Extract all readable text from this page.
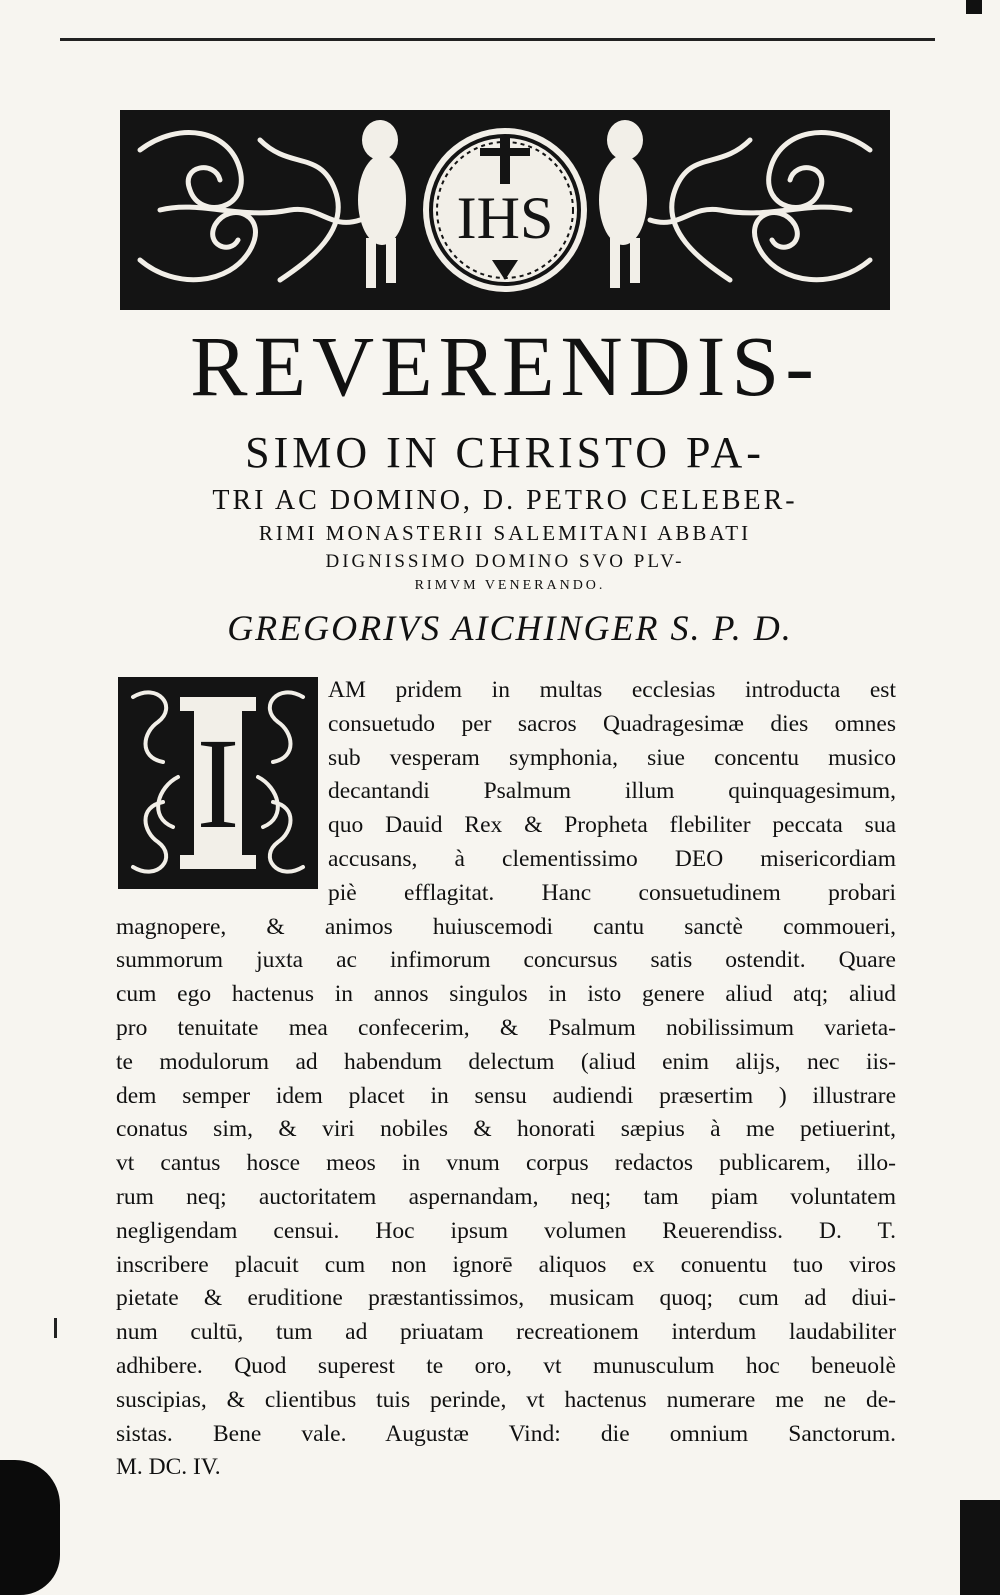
IHS
REVERENDIS-
SIMO IN CHRISTO PA-
TRI AC DOMINO, D. PETRO CELEBER-
RIMI MONASTERII SALEMITANI ABBATI
DIGNISSIMO DOMINO SVO PLV-
RIMVM VENERANDO.
GREGORIVS AICHINGER S. P. D.
I
AM pridem in multas ecclesias introducta est
consuetudo per sacros Quadragesimæ dies omnes
sub vesperam symphonia, siue concentu musico
decantandi Psalmum illum quinquagesimum,
quo Dauid Rex & Propheta flebiliter peccata sua
accusans, à clementissimo DEO misericordiam
piè efflagitat. Hanc consuetudinem probari
magnopere, & animos huiuscemodi cantu sanctè commoueri,
summorum juxta ac infimorum concursus satis ostendit. Quare
cum ego hactenus in annos singulos in isto genere aliud atq; aliud
pro tenuitate mea confecerim, & Psalmum nobilissimum varieta-
te modulorum ad habendum delectum (aliud enim alijs, nec iis-
dem semper idem placet in sensu audiendi præsertim ) illustrare
conatus sim, & viri nobiles & honorati sæpius à me petiuerint,
vt cantus hosce meos in vnum corpus redactos publicarem, illo-
rum neq; auctoritatem aspernandam, neq; tam piam voluntatem
negligendam censui. Hoc ipsum volumen Reuerendiss. D. T.
inscribere placuit cum non ignorē aliquos ex conuentu tuo viros
pietate & eruditione præstantissimos, musicam quoq; cum ad diui-
num cultū, tum ad priuatam recreationem interdum laudabiliter
adhibere. Quod superest te oro, vt munusculum hoc beneuolè
suscipias, & clientibus tuis perinde, vt hactenus numerare me ne de-
sistas. Bene vale. Augustæ Vind: die omnium Sanctorum.
M. DC. IV.
